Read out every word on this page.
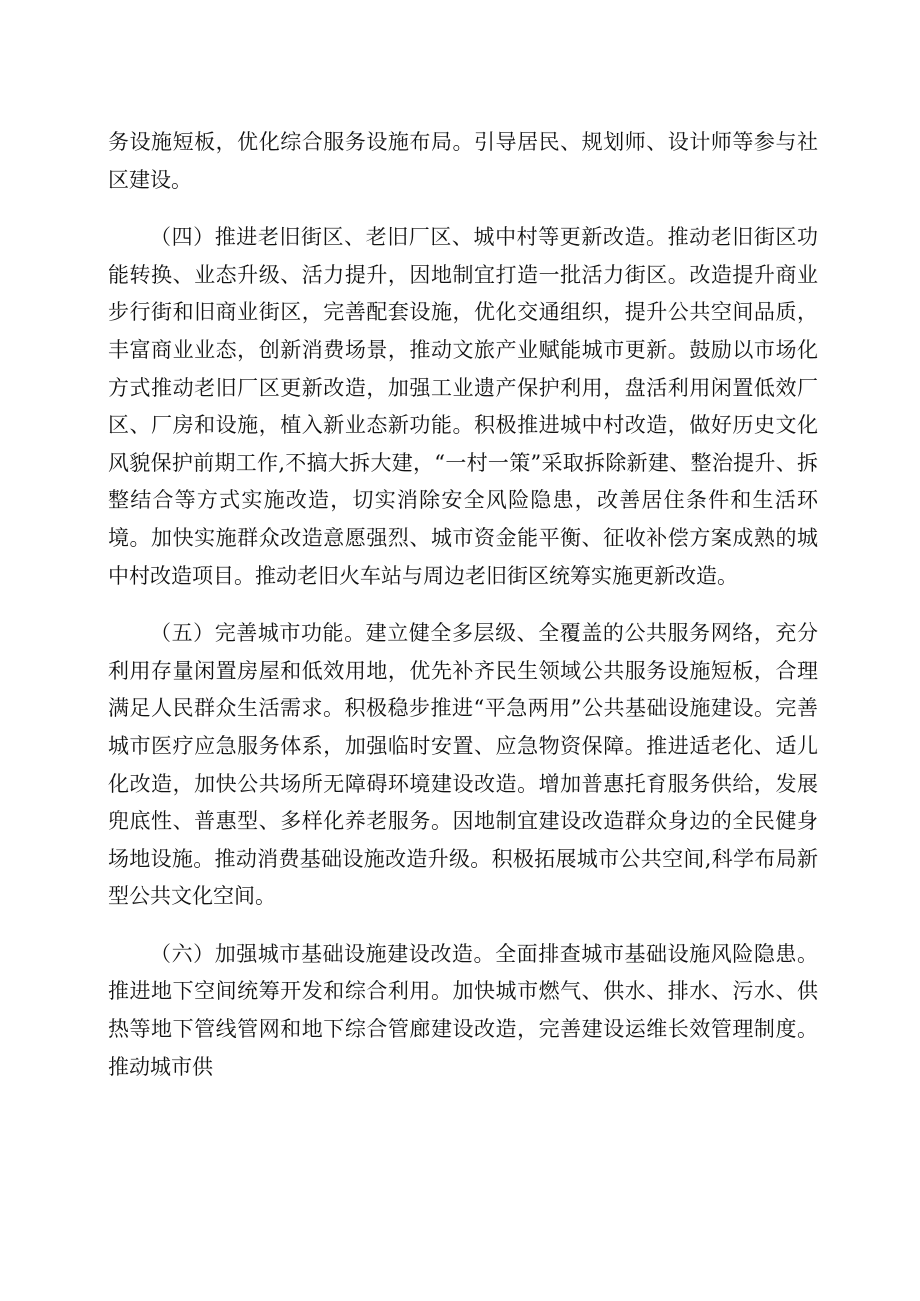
务设施短板，优化综合服务设施布局。引导居民、规划师、设计师等参与社区建设。

（四）推进老旧街区、老旧厂区、城中村等更新改造。推动老旧街区功能转换、业态升级、活力提升，因地制宜打造一批活力街区。改造提升商业步行街和旧商业街区，完善配套设施，优化交通组织，提升公共空间品质，丰富商业业态，创新消费场景，推动文旅产业赋能城市更新。鼓励以市场化方式推动老旧厂区更新改造，加强工业遗产保护利用，盘活利用闲置低效厂区、厂房和设施，植入新业态新功能。积极推进城中村改造，做好历史文化风貌保护前期工作,不搞大拆大建，“一村一策”采取拆除新建、整治提升、拆整结合等方式实施改造，切实消除安全风险隐患，改善居住条件和生活环境。加快实施群众改造意愿强烈、城市资金能平衡、征收补偿方案成熟的城中村改造项目。推动老旧火车站与周边老旧街区统筹实施更新改造。

（五）完善城市功能。建立健全多层级、全覆盖的公共服务网络，充分利用存量闲置房屋和低效用地，优先补齐民生领域公共服务设施短板，合理满足人民群众生活需求。积极稳步推进“平急两用”公共基础设施建设。完善城市医疗应急服务体系，加强临时安置、应急物资保障。推进适老化、适儿化改造，加快公共场所无障碍环境建设改造。增加普惠托育服务供给，发展兜底性、普惠型、多样化养老服务。因地制宜建设改造群众身边的全民健身场地设施。推动消费基础设施改造升级。积极拓展城市公共空间,科学布局新型公共文化空间。

（六）加强城市基础设施建设改造。全面排查城市基础设施风险隐患。推进地下空间统筹开发和综合利用。加快城市燃气、供水、排水、污水、供热等地下管线管网和地下综合管廊建设改造，完善建设运维长效管理制度。推动城市供
